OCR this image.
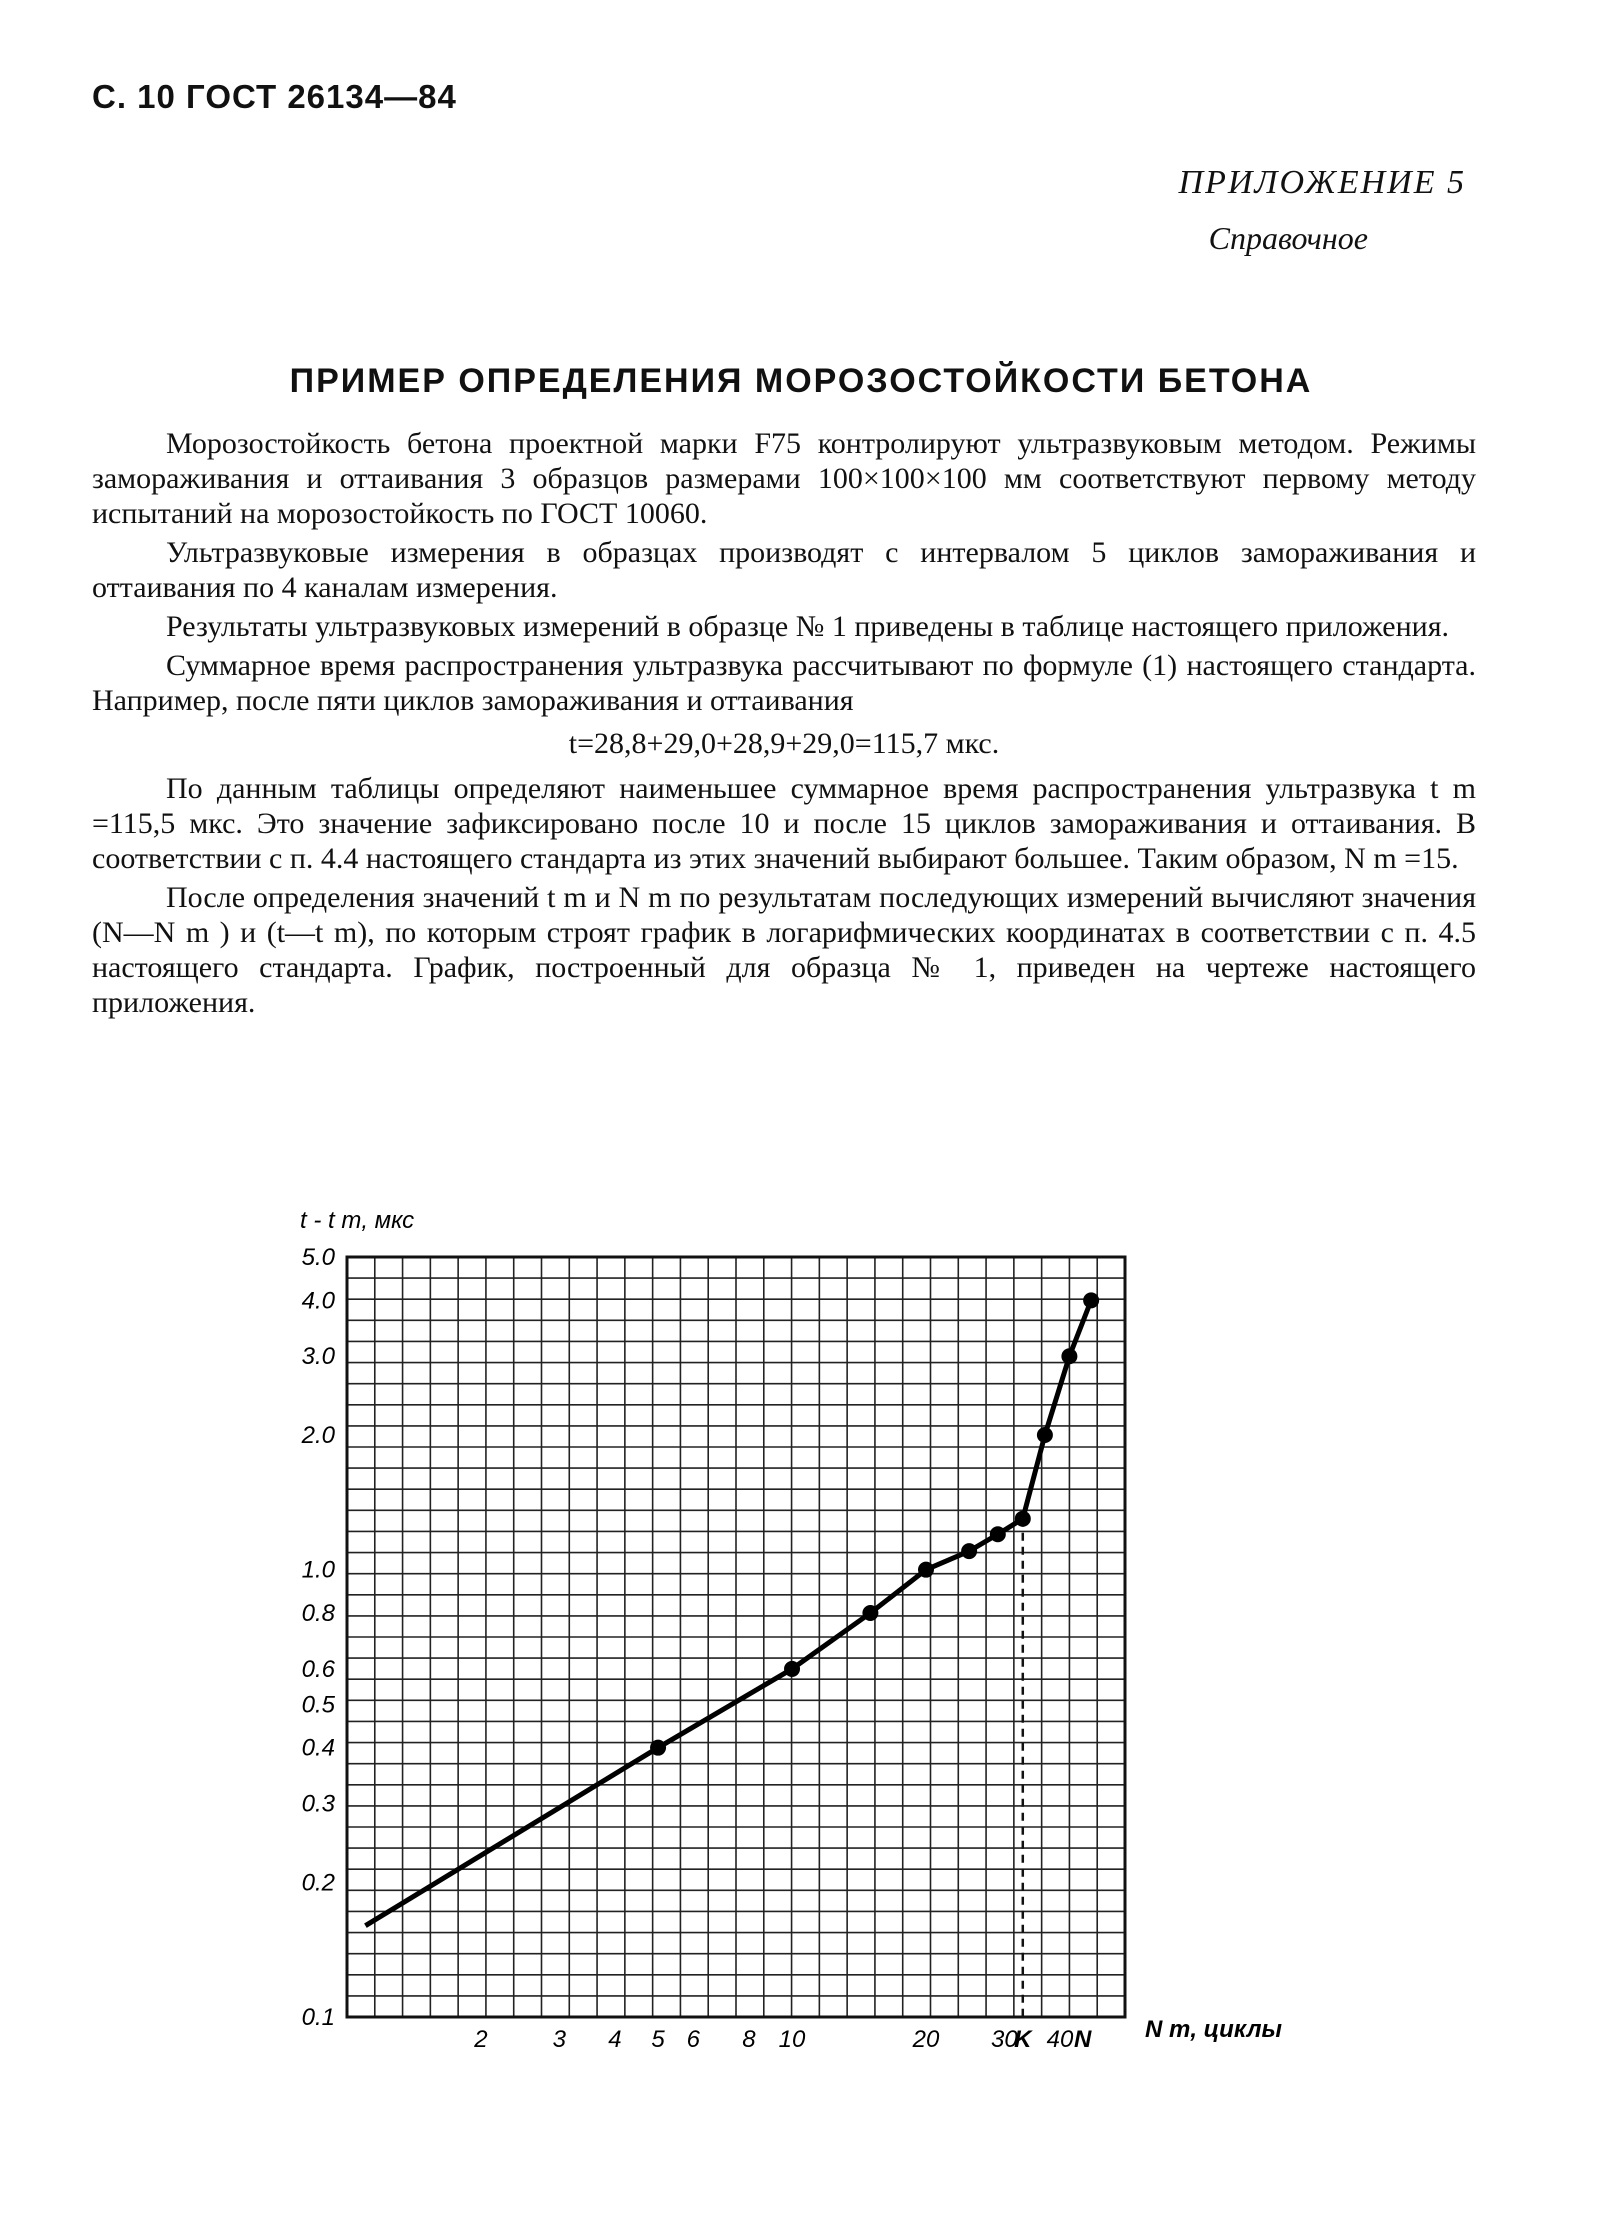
С. 10 ГОСТ 26134—84
ПРИЛОЖЕНИЕ 5
Справочное
ПРИМЕР ОПРЕДЕЛЕНИЯ МОРОЗОСТОЙКОСТИ БЕТОНА

Морозостойкость бетона проектной марки F75 контролируют ультразвуковым методом. Режимы замораживания и оттаивания 3 образцов размерами 100×100×100 мм соответствуют первому методу испытаний на морозостойкость по ГОСТ 10060.

Ультразвуковые измерения в образцах производят с интервалом 5 циклов замораживания и оттаивания по 4 каналам измерения.

Результаты ультразвуковых измерений в образце № 1 приведены в таблице настоящего приложения.

Суммарное время распространения ультразвука рассчитывают по формуле (1) настоящего стандарта. Например, после пяти циклов замораживания и оттаивания

t=28,8+29,0+28,9+29,0=115,7 мкс.

По данным таблицы определяют наименьшее суммарное время распространения ультразвука t m =115,5 мкс. Это значение зафиксировано после 10 и после 15 циклов замораживания и оттаивания. В соответствии с п. 4.4 настоящего стандарта из этих значений выбирают большее. Таким образом, N m =15.

После определения значений t m и N m по результатам последующих измерений вычисляют значения (N—N m ) и (t—t m), по которым строят график в логарифмических координатах в соответствии с п. 4.5 настоящего стандарта. График, построенный для образца № 1, приведен на чертеже настоящего приложения.

5.0
4.0
3.0
2.0
1.0
0.8
0.6
0.5
0.4
0.3
0.2
0.1
2	3 4 5 6 8 10	20 30
K 40 N
t - t m, мкс
N m, циклы
